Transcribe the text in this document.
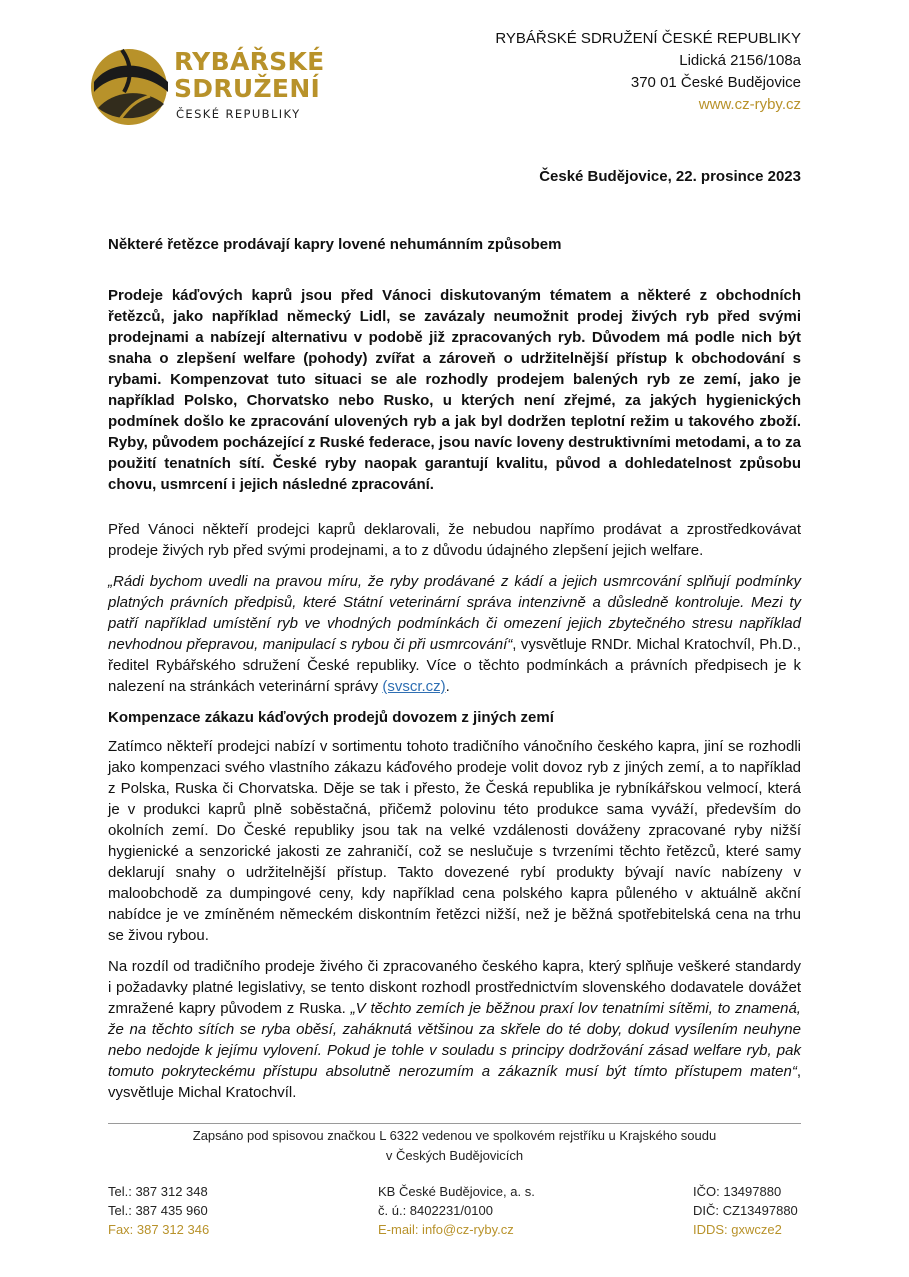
RYBÁŘSKÉ
SDRUŽENÍ
ČESKÉ REPUBLIKY
RYBÁŘSKÉ SDRUŽENÍ ČESKÉ REPUBLIKY
Lidická 2156/108a
370 01 České Budějovice
www.cz-ryby.cz
České Budějovice, 22. prosince 2023
Některé řetězce prodávají kapry lovené nehumánním způsobem

Prodeje káďových kaprů jsou před Vánoci diskutovaným tématem a některé z obchodních řetězců, jako například německý Lidl, se zavázaly neumožnit prodej živých ryb před svými prodejnami a nabízejí alternativu v podobě již zpracovaných ryb. Důvodem má podle nich být snaha o zlepšení welfare (pohody) zvířat a zároveň o udržitelnější přístup k obchodování s rybami. Kompenzovat tuto situaci se ale rozhodly prodejem balených ryb ze zemí, jako je například Polsko, Chorvatsko nebo Rusko, u kterých není zřejmé, za jakých hygienických podmínek došlo ke zpracování ulovených ryb a jak byl dodržen teplotní režim u takového zboží. Ryby, původem pocházející z Ruské federace, jsou navíc loveny destruktivními metodami, a to za použití tenatních sítí. České ryby naopak garantují kvalitu, původ a dohledatelnost způsobu chovu, usmrcení i jejich následné zpracování.

Před Vánoci někteří prodejci kaprů deklarovali, že nebudou napřímo prodávat a zprostředkovávat prodeje živých ryb před svými prodejnami, a to z důvodu údajného zlepšení jejich welfare.

„Rádi bychom uvedli na pravou míru, že ryby prodávané z kádí a jejich usmrcování splňují podmínky platných právních předpisů, které Státní veterinární správa intenzivně a důsledně kontroluje. Mezi ty patří například umístění ryb ve vhodných podmínkách či omezení jejich zbytečného stresu například nevhodnou přepravou, manipulací s rybou či při usmrcování“, vysvětluje RNDr. Michal Kratochvíl, Ph.D., ředitel Rybářského sdružení České republiky. Více o těchto podmínkách a právních předpisech je k nalezení na stránkách veterinární správy (svscr.cz).

Kompenzace zákazu káďových prodejů dovozem z jiných zemí

Zatímco někteří prodejci nabízí v sortimentu tohoto tradičního vánočního českého kapra, jiní se rozhodli jako kompenzaci svého vlastního zákazu káďového prodeje volit dovoz ryb z jiných zemí, a to například z Polska, Ruska či Chorvatska. Děje se tak i přesto, že Česká republika je rybníkářskou velmocí, která je v produkci kaprů plně soběstačná, přičemž polovinu této produkce sama vyváží, především do okolních zemí. Do České republiky jsou tak na velké vzdálenosti dováženy zpracované ryby nižší hygienické a senzorické jakosti ze zahraničí, což se neslučuje s tvrzeními těchto řetězců, které samy deklarují snahy o udržitelnější přístup. Takto dovezené rybí produkty bývají navíc nabízeny v maloobchodě za dumpingové ceny, kdy například cena polského kapra půleného v aktuálně akční nabídce je ve zmíněném německém diskontním řetězci nižší, než je běžná spotřebitelská cena na trhu se živou rybou.

Na rozdíl od tradičního prodeje živého či zpracovaného českého kapra, který splňuje veškeré standardy i požadavky platné legislativy, se tento diskont rozhodl prostřednictvím slovenského dodavatele dovážet zmražené kapry původem z Ruska. „V těchto zemích je běžnou praxí lov tenatními sítěmi, to znamená, že na těchto sítích se ryba oběsí, zaháknutá většinou za skřele do té doby, dokud vysílením neuhyne nebo nedojde k jejímu vylovení. Pokud je tohle v souladu s principy dodržování zásad welfare ryb, pak tomuto pokryteckému přístupu absolutně nerozumím a zákazník musí být tímto přístupem maten“, vysvětluje Michal Kratochvíl.

Zapsáno pod spisovou značkou L 6322 vedenou ve spolkovém rejstříku u Krajského soudu
v Českých Budějovicích
Tel.: 387 312 348
Tel.: 387 435 960
Fax: 387 312 346
KB České Budějovice, a. s.
č. ú.: 8402231/0100
E-mail: info@cz-ryby.cz
IČO: 13497880
DIČ: CZ13497880
IDDS: gxwcze2
